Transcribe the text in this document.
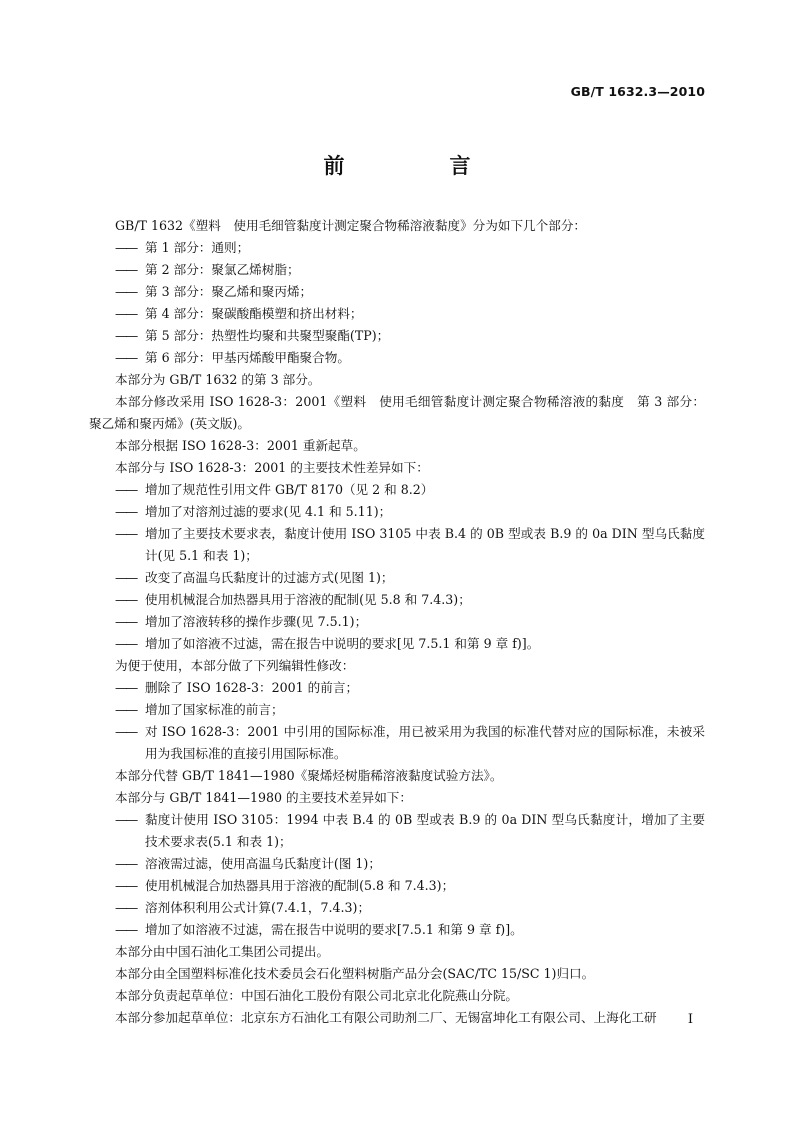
GB/T 1632.3—2010
前　言

GB/T 1632《塑料　使用毛细管黏度计测定聚合物稀溶液黏度》分为如下几个部分：

—— 第 1 部分：通则；

—— 第 2 部分：聚氯乙烯树脂；

—— 第 3 部分：聚乙烯和聚丙烯；

—— 第 4 部分：聚碳酸酯模塑和挤出材料；

—— 第 5 部分：热塑性均聚和共聚型聚酯(TP)；

—— 第 6 部分：甲基丙烯酸甲酯聚合物。

本部分为 GB/T 1632 的第 3 部分。

本部分修改采用 ISO 1628-3：2001《塑料　使用毛细管黏度计测定聚合物稀溶液的黏度　第 3 部分：聚乙烯和聚丙烯》(英文版)。

本部分根据 ISO 1628-3：2001 重新起草。

本部分与 ISO 1628-3：2001 的主要技术性差异如下：

—— 增加了规范性引用文件 GB/T 8170（见 2 和 8.2）

—— 增加了对溶剂过滤的要求(见 4.1 和 5.11)；

—— 增加了主要技术要求表，黏度计使用 ISO 3105 中表 B.4 的 0B 型或表 B.9 的 0a DIN 型乌氏黏度计(见 5.1 和表 1)；

—— 改变了高温乌氏黏度计的过滤方式(见图 1)；

—— 使用机械混合加热器具用于溶液的配制(见 5.8 和 7.4.3)；

—— 增加了溶液转移的操作步骤(见 7.5.1)；

—— 增加了如溶液不过滤，需在报告中说明的要求[见 7.5.1 和第 9 章 f)]。

为便于使用，本部分做了下列编辑性修改：

—— 删除了 ISO 1628-3：2001 的前言；

—— 增加了国家标准的前言；

—— 对 ISO 1628-3：2001 中引用的国际标准，用已被采用为我国的标准代替对应的国际标准，未被采用为我国标准的直接引用国际标准。

本部分代替 GB/T 1841—1980《聚烯烃树脂稀溶液黏度试验方法》。

本部分与 GB/T 1841—1980 的主要技术差异如下：

—— 黏度计使用 ISO 3105：1994 中表 B.4 的 0B 型或表 B.9 的 0a DIN 型乌氏黏度计，增加了主要技术要求表(5.1 和表 1)；

—— 溶液需过滤，使用高温乌氏黏度计(图 1)；

—— 使用机械混合加热器具用于溶液的配制(5.8 和 7.4.3)；

—— 溶剂体积利用公式计算(7.4.1，7.4.3)；

—— 增加了如溶液不过滤，需在报告中说明的要求[7.5.1 和第 9 章 f)]。

本部分由中国石油化工集团公司提出。

本部分由全国塑料标准化技术委员会石化塑料树脂产品分会(SAC/TC 15/SC 1)归口。

本部分负责起草单位：中国石油化工股份有限公司北京北化院燕山分院。

本部分参加起草单位：北京东方石油化工有限公司助剂二厂、无锡富坤化工有限公司、上海化工研	I
